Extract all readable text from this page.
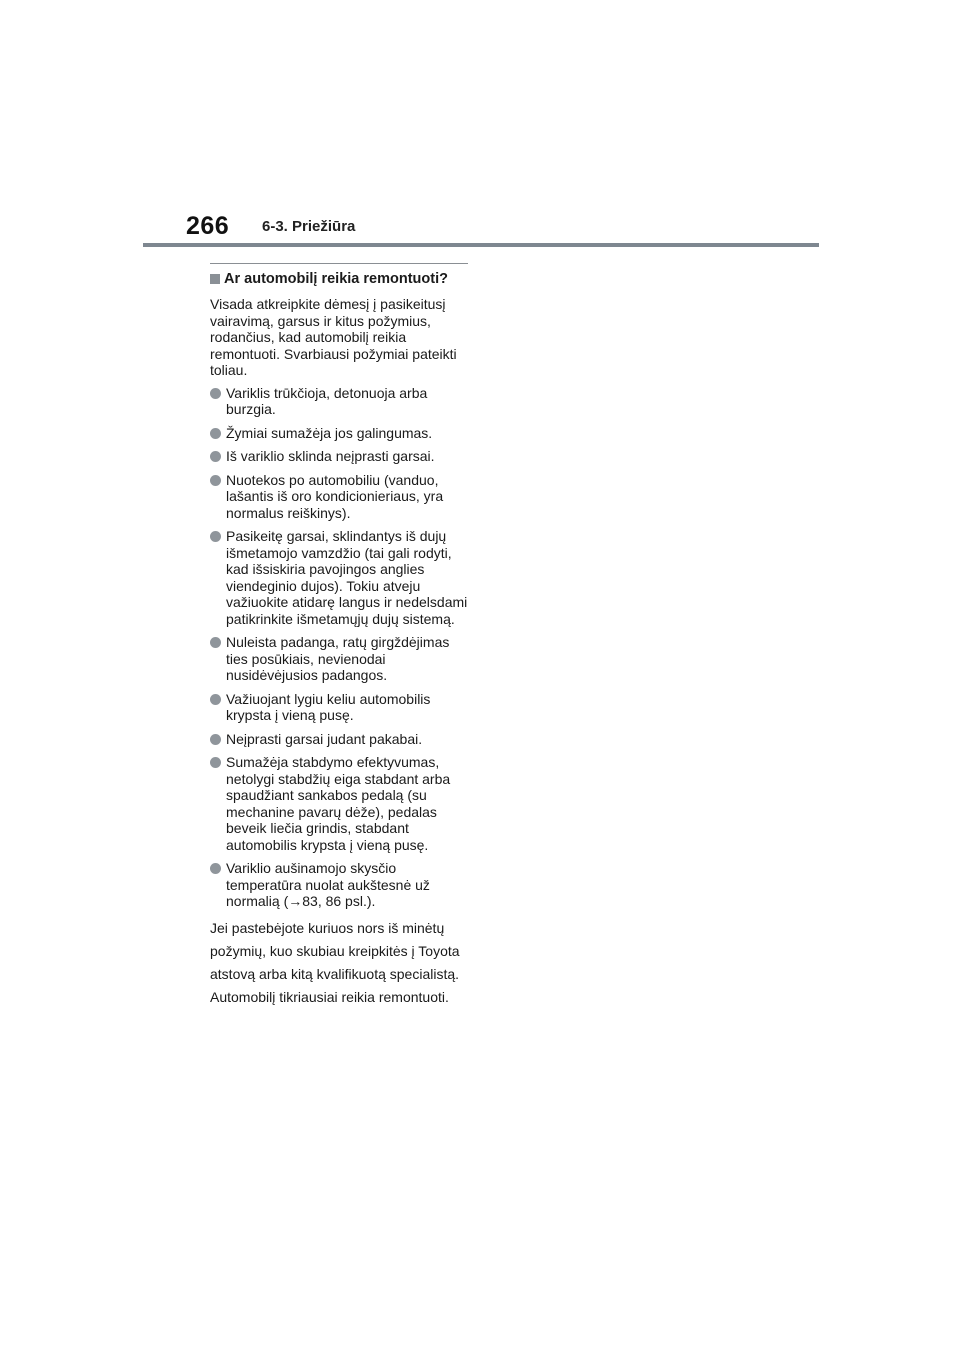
266 6-3. Priežiūra
Ar automobilį reikia remontuoti?
Visada atkreipkite dėmesį į pasikeitusį vairavimą, garsus ir kitus požymius, rodančius, kad automobilį reikia remontuoti. Svarbiausi požymiai pateikti toliau.
Variklis trūkčioja, detonuoja arba burzgia.
Žymiai sumažėja jos galingumas.
Iš variklio sklinda neįprasti garsai.
Nuotekos po automobiliu (vanduo, lašantis iš oro kondicionieriaus, yra normalus reiškinys).
Pasikeitę garsai, sklindantys iš dujų išmetamojo vamzdžio (tai gali rodyti, kad išsiskiria pavojingos anglies viendeginio dujos). Tokiu atveju važiuokite atidarę langus ir nedelsdami patikrinkite išmetamųjų dujų sistemą.
Nuleista padanga, ratų girgždėjimas ties posūkiais, nevienodai nusidėvėjusios padangos.
Važiuojant lygiu keliu automobilis krypsta į vieną pusę.
Neįprasti garsai judant pakabai.
Sumažėja stabdymo efektyvumas, netolygi stabdžių eiga stabdant arba spaudžiant sankabos pedalą (su mechanine pavarų dėže), pedalas beveik liečia grindis, stabdant automobilis krypsta į vieną pusę.
Variklio aušinamojo skysčio temperatūra nuolat aukštesnė už normalią (→83, 86 psl.).
Jei pastebėjote kuriuos nors iš minėtų požymių, kuo skubiau kreipkitės į Toyota atstovą arba kitą kvalifikuotą specialistą. Automobilį tikriausiai reikia remontuoti.
